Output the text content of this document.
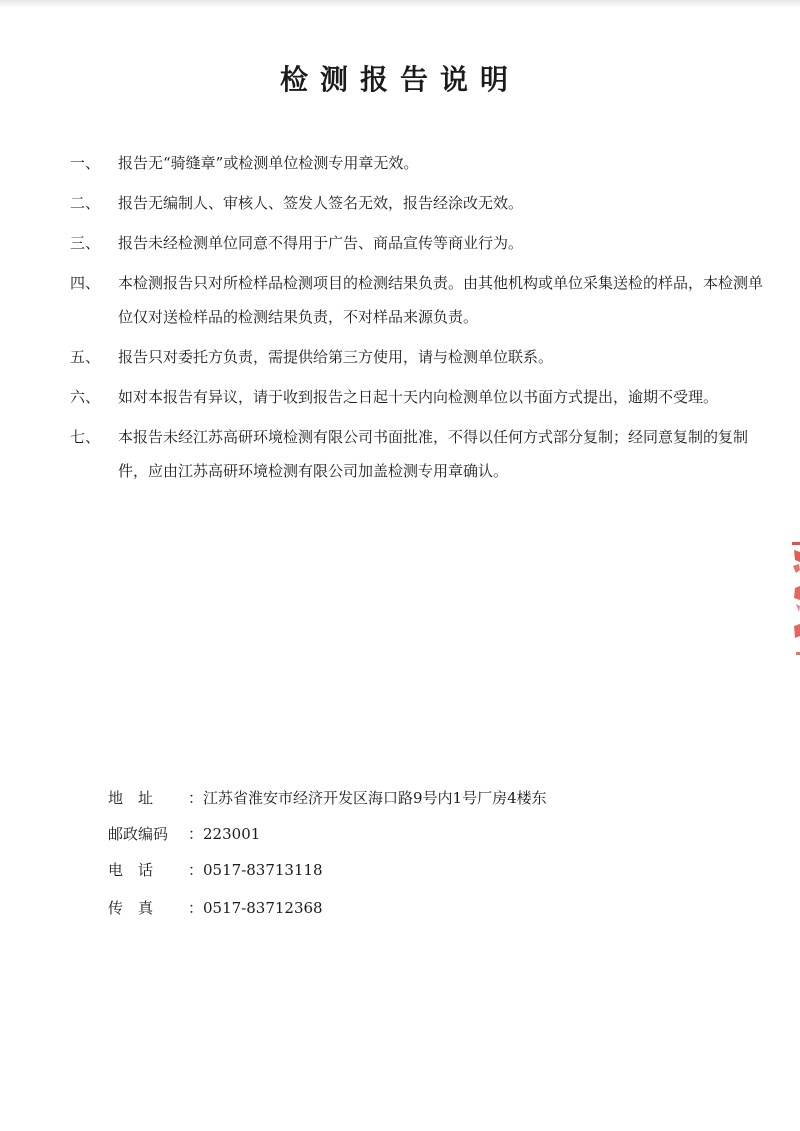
检测报告说明
一、 报告无“骑缝章”或检测单位检测专用章无效。
二、 报告无编制人、审核人、签发人签名无效，报告经涂改无效。
三、 报告未经检测单位同意不得用于广告、商品宣传等商业行为。
四、 本检测报告只对所检样品检测项目的检测结果负责。由其他机构或单位采集送检的样品，本检测单位仅对送检样品的检测结果负责，不对样品来源负责。
五、 报告只对委托方负责，需提供给第三方使用，请与检测单位联系。
六、 如对本报告有异议，请于收到报告之日起十天内向检测单位以书面方式提出，逾期不受理。
七、 本报告未经江苏高研环境检测有限公司书面批准，不得以任何方式部分复制；经同意复制的复制件，应由江苏高研环境检测有限公司加盖检测专用章确认。
地　址	： 江苏省淮安市经济开发区海口路9号内1号厂房4楼东
邮政编码	： 223001
电　话	： 0517-83713118
传　真	： 0517-83712368
